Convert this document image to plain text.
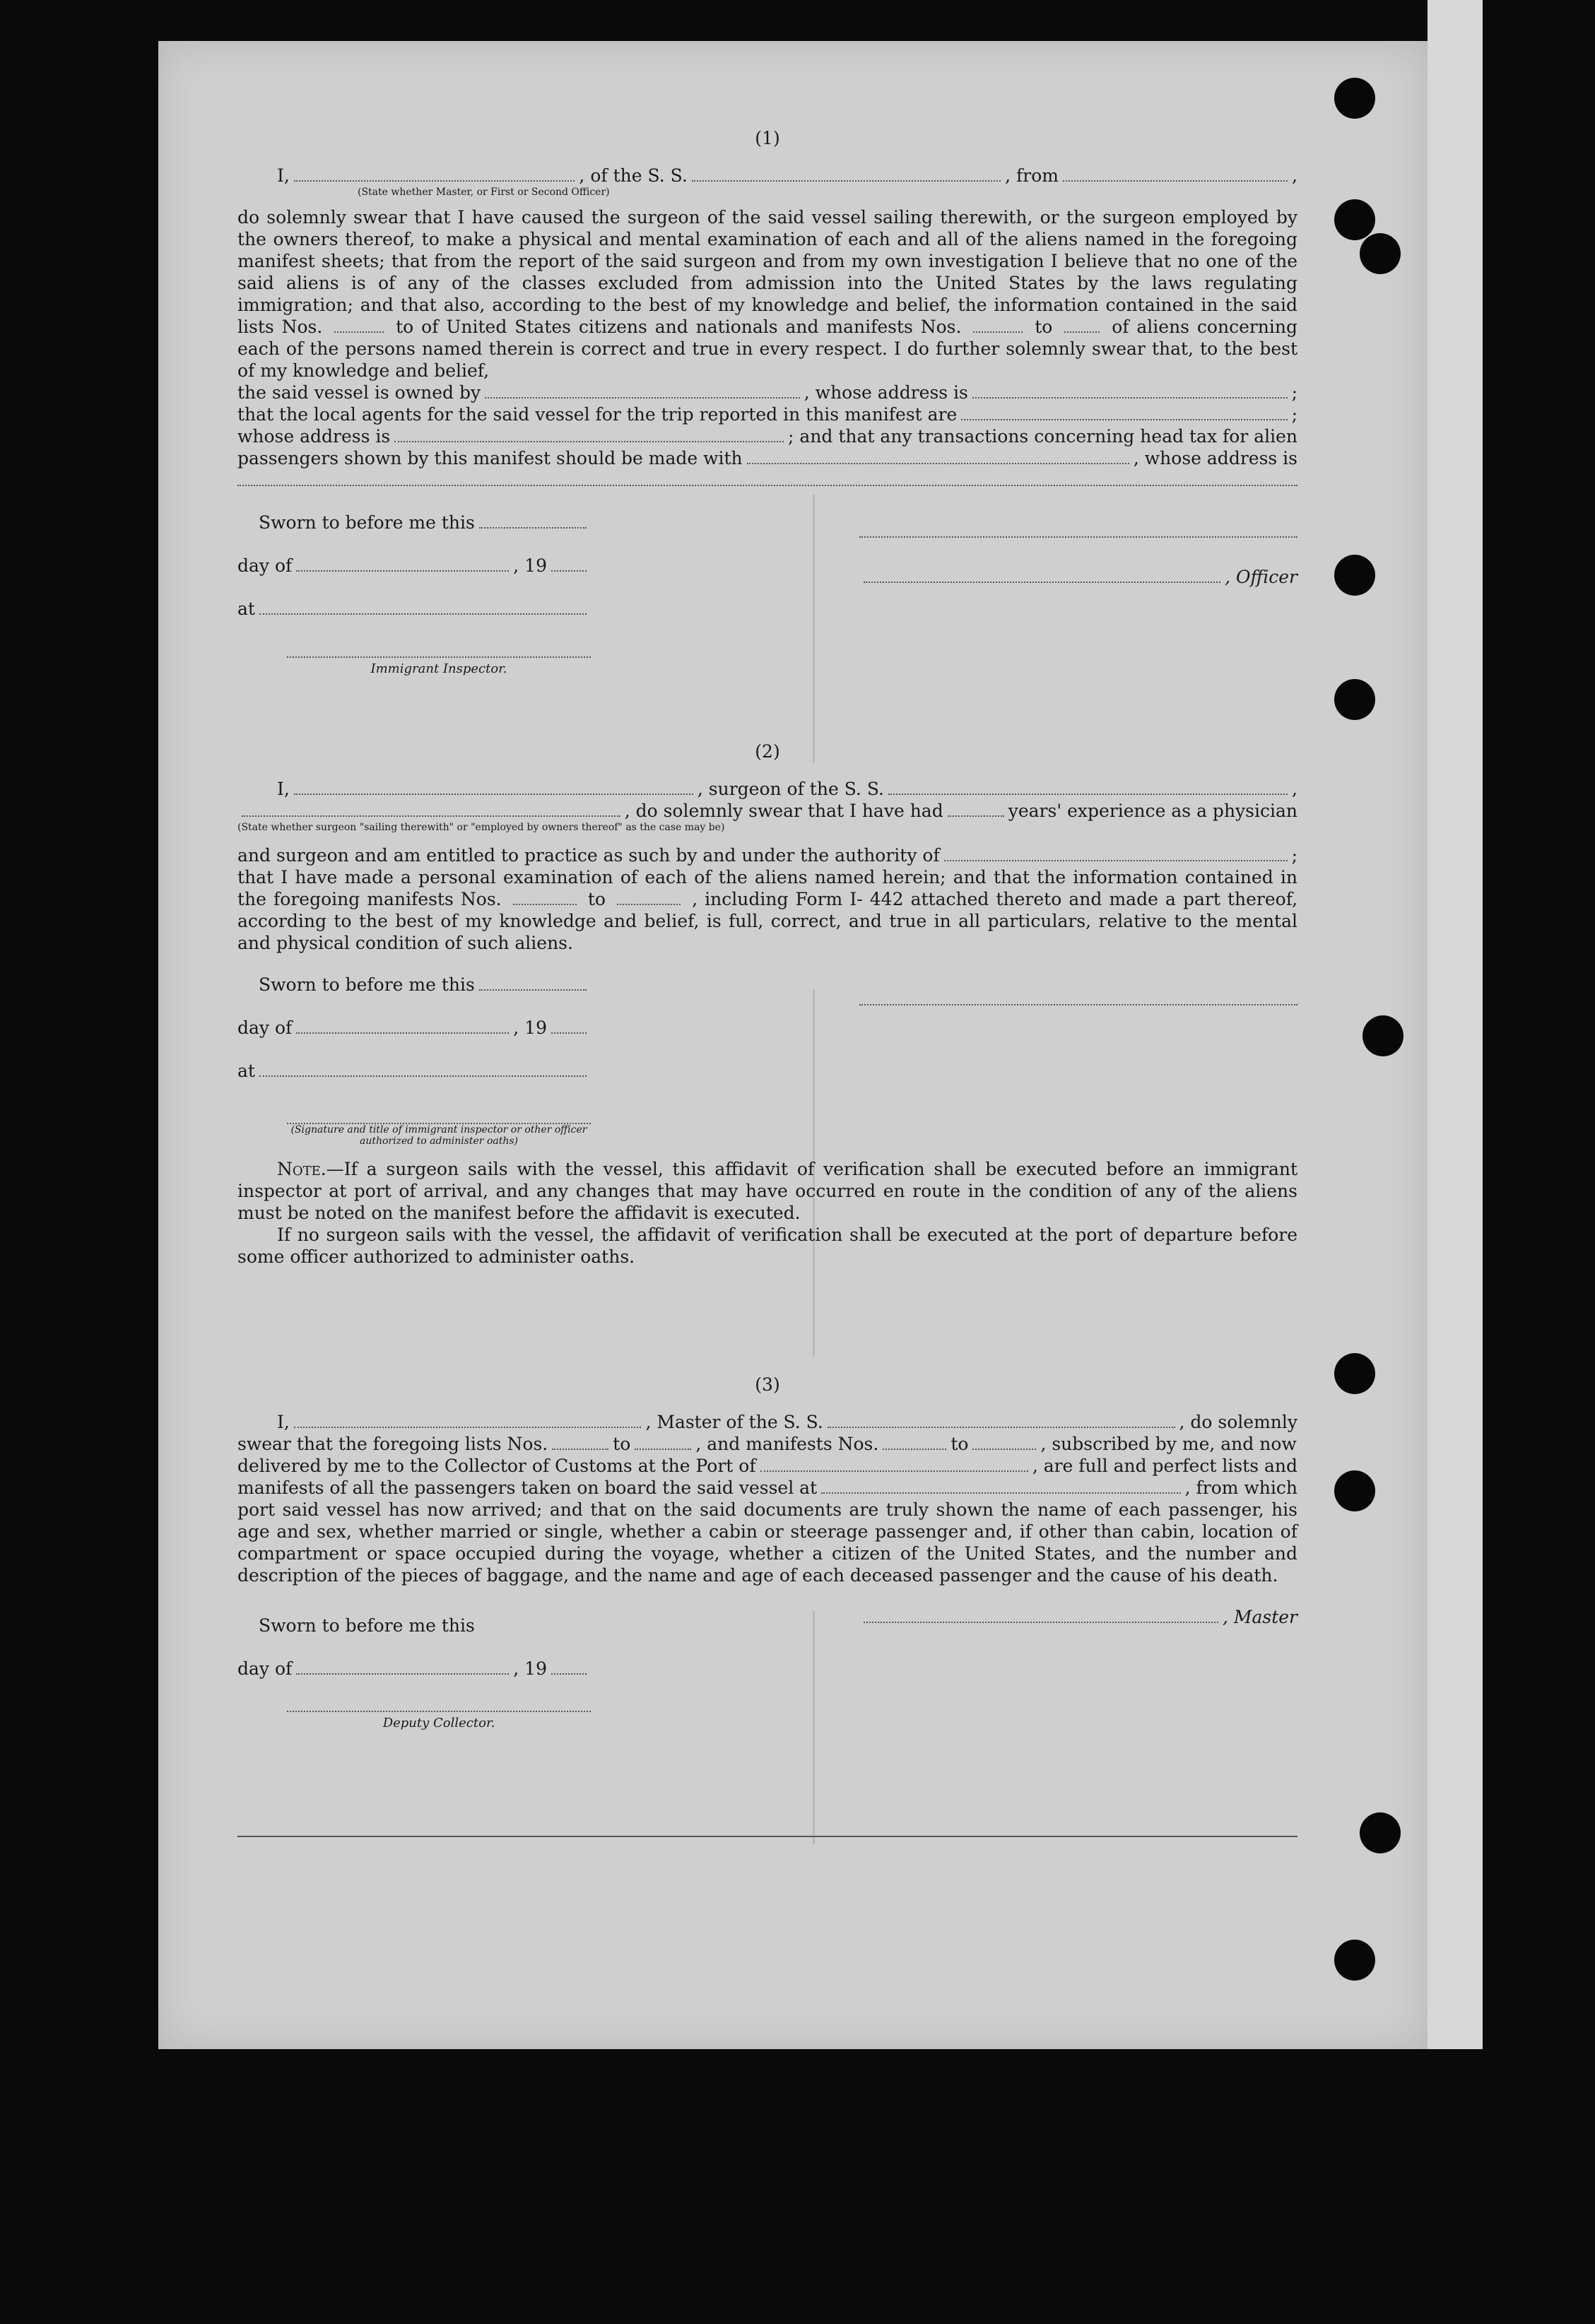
(1)
I,	, of the S. S.	, from	,
(State whether Master, or First or Second Officer)
do solemnly swear that I have caused the surgeon of the said vessel sailing therewith, or the surgeon employed by the owners thereof, to make a physical and mental examination of each and all of the aliens named in the foregoing manifest sheets; that from the report of the said surgeon and from my own investigation I believe that no one of the said aliens is of any of the classes excluded from admission into the United States by the laws regulating immigration; and that also, according to the best of my knowledge and belief, the information contained in the said lists Nos.	to of United States citizens and nationals and manifests Nos.	to	of aliens concerning each of the persons named therein is correct and true in every respect. I do further solemnly swear that, to the best of my knowledge and belief,
the said vessel is owned by	, whose address is	;
that the local agents for the said vessel for the trip reported in this manifest are	;
whose address is	; and that any transactions concerning head tax for alien
passengers shown by this manifest should be made with	, whose address is
Sworn to before me this
day of	, 19
at
Immigrant Inspector.
, Officer
(2)
I,	, surgeon of the S. S.	,
, do solemnly swear that I have had	years' experience as a physician
(State whether surgeon "sailing therewith" or "employed by owners thereof" as the case may be)
and surgeon and am entitled to practice as such by and under the authority of	;
that I have made a personal examination of each of the aliens named herein; and that the information contained in the foregoing manifests Nos.	to	, including Form I- 442 attached thereto and made a part thereof, according to the best of my knowledge and belief, is full, correct, and true in all particulars, relative to the mental and physical condition of such aliens.
Sworn to before me this
day of	, 19
at
(Signature and title of immigrant inspector or other officer authorized to administer oaths)
Note.—If a surgeon sails with the vessel, this affidavit of verification shall be executed before an immigrant inspector at port of arrival, and any changes that may have occurred en route in the condition of any of the aliens must be noted on the manifest before the affidavit is executed.
If no surgeon sails with the vessel, the affidavit of verification shall be executed at the port of departure before some officer authorized to administer oaths.
(3)
I,	, Master of the S. S.	, do solemnly
swear that the foregoing lists Nos.	to	, and manifests Nos.	to	, subscribed by me, and now
delivered by me to the Collector of Customs at the Port of	, are full and perfect lists and
manifests of all the passengers taken on board the said vessel at	, from which
port said vessel has now arrived; and that on the said documents are truly shown the name of each passenger, his age and sex, whether married or single, whether a cabin or steerage passenger and, if other than cabin, location of compartment or space occupied during the voyage, whether a citizen of the United States, and the number and description of the pieces of baggage, and the name and age of each deceased passenger and the cause of his death.
Sworn to before me this
day of	, 19
Deputy Collector.
, Master
